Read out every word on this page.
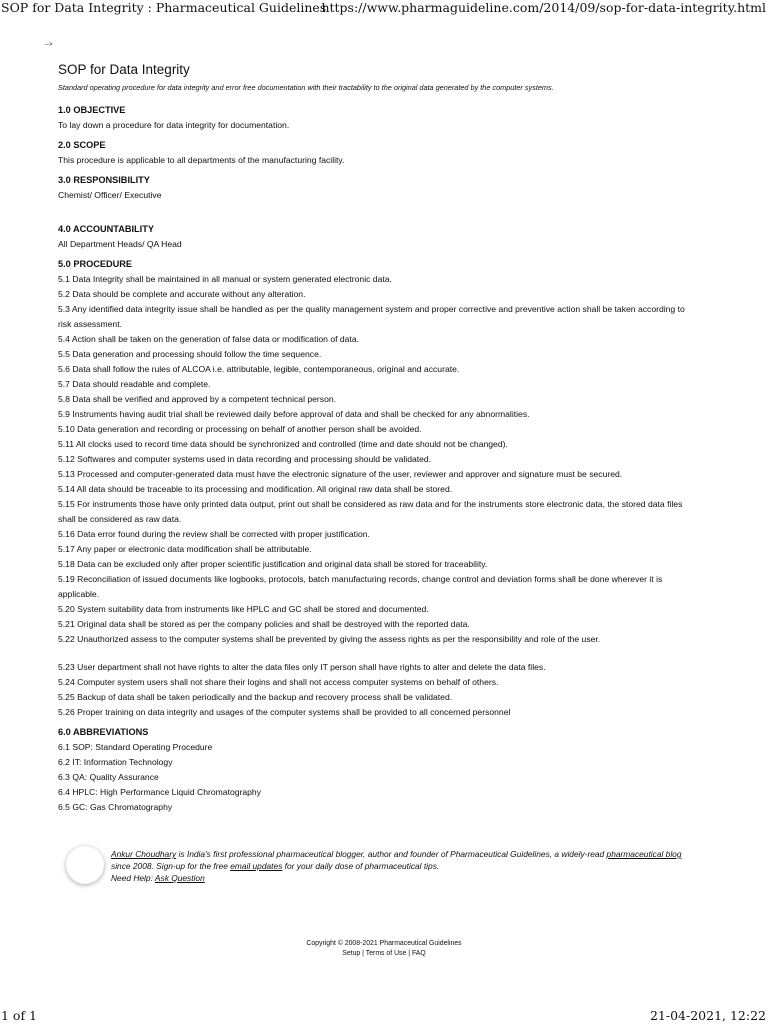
SOP for Data Integrity : Pharmaceutical Guidelines
https://www.pharmaguideline.com/2014/09/sop-for-data-integrity.html
-->
SOP for Data Integrity

Standard operating procedure for data integrity and error free documentation with their tractability to the original data generated by the computer systems.

1.0 OBJECTIVE

To lay down a procedure for data integrity for documentation.

2.0 SCOPE

This procedure is applicable to all departments of the manufacturing facility.

3.0 RESPONSIBILITY

Chemist/ Officer/ Executive

4.0 ACCOUNTABILITY

All Department Heads/ QA Head

5.0 PROCEDURE

5.1 Data Integrity shall be maintained in all manual or system generated electronic data.

5.2 Data should be complete and accurate without any alteration.

5.3 Any identified data integrity issue shall be handled as per the quality management system and proper corrective and preventive action shall be taken according to risk assessment.

5.4 Action shall be taken on the generation of false data or modification of data.

5.5 Data generation and processing should follow the time sequence.

5.6 Data shall follow the rules of ALCOA i.e. attributable, legible, contemporaneous, original and accurate.

5.7 Data should readable and complete.

5.8 Data shall be verified and approved by a competent technical person.

5.9 Instruments having audit trial shall be reviewed daily before approval of data and shall be checked for any abnormalities.

5.10 Data generation and recording or processing on behalf of another person shall be avoided.

5.11 All clocks used to record time data should be synchronized and controlled (time and date should not be changed).

5.12 Softwares and computer systems used in data recording and processing should be validated.

5.13 Processed and computer-generated data must have the electronic signature of the user, reviewer and approver and signature must be secured.

5.14 All data should be traceable to its processing and modification. All original raw data shall be stored.

5.15 For instruments those have only printed data output, print out shall be considered as raw data and for the instruments store electronic data, the stored data files shall be considered as raw data.

5.16 Data error found during the review shall be corrected with proper justification.

5.17 Any paper or electronic data modification shall be attributable.

5.18 Data can be excluded only after proper scientific justification and original data shall be stored for traceability.

5.19 Reconciliation of issued documents like logbooks, protocols, batch manufacturing records, change control and deviation forms shall be done wherever it is applicable.

5.20 System suitability data from instruments like HPLC and GC shall be stored and documented.

5.21 Original data shall be stored as per the company policies and shall be destroyed with the reported data.

5.22 Unauthorized assess to the computer systems shall be prevented by giving the assess rights as per the responsibility and role of the user.

5.23 User department shall not have rights to alter the data files only IT person shall have rights to alter and delete the data files.

5.24 Computer system users shall not share their logins and shall not access computer systems on behalf of others.

5.25 Backup of data shall be taken periodically and the backup and recovery process shall be validated.

5.26 Proper training on data integrity and usages of the computer systems shall be provided to all concerned personnel

6.0 ABBREVIATIONS

6.1 SOP: Standard Operating Procedure

6.2 IT: Information Technology

6.3 QA: Quality Assurance

6.4 HPLC: High Performance Liquid Chromatography

6.5 GC: Gas Chromatography

Ankur Choudhary is India's first professional pharmaceutical blogger, author and founder of Pharmaceutical Guidelines, a widely-read pharmaceutical blog since 2008. Sign-up for the free email updates for your daily dose of pharmaceutical tips.
Need Help: Ask Question
Copyright © 2008-2021 Pharmaceutical Guidelines
Setup | Terms of Use | FAQ
1 of 1	21-04-2021, 12:22
